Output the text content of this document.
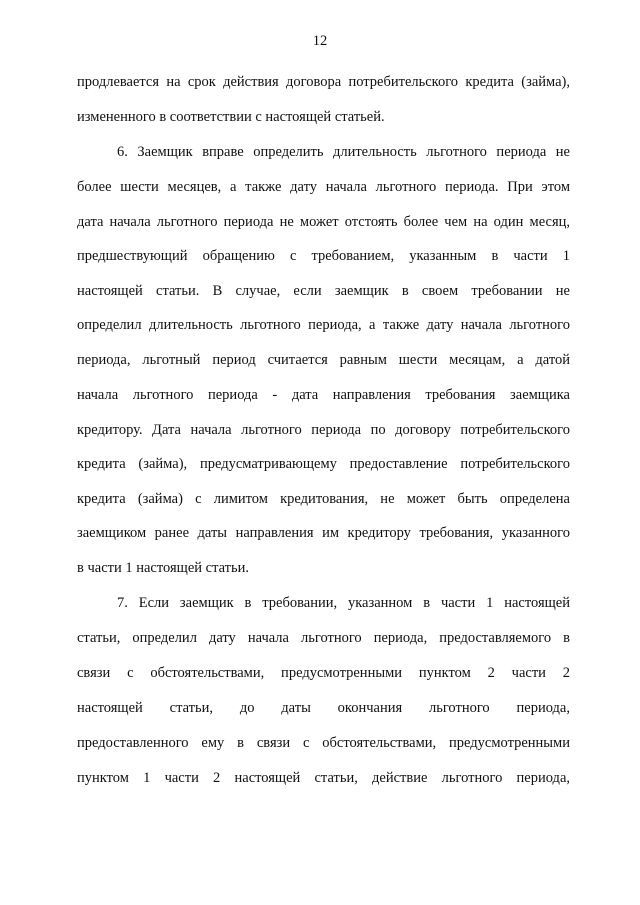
12
продлевается на срок действия договора потребительского кредита (займа),
измененного в соответствии с настоящей статьей.
6. Заемщик вправе определить длительность льготного периода не
более шести месяцев, а также дату начала льготного периода. При этом
дата начала льготного периода не может отстоять более чем на один месяц,
предшествующий обращению с требованием, указанным в части 1
настоящей статьи. В случае, если заемщик в своем требовании не
определил длительность льготного периода, а также дату начала льготного
периода, льготный период считается равным шести месяцам, а датой
начала льготного периода - дата направления требования заемщика
кредитору. Дата начала льготного периода по договору потребительского
кредита (займа), предусматривающему предоставление потребительского
кредита (займа) с лимитом кредитования, не может быть определена
заемщиком ранее даты направления им кредитору требования, указанного
в части 1 настоящей статьи.
7. Если заемщик в требовании, указанном в части 1 настоящей
статьи, определил дату начала льготного периода, предоставляемого в
связи с обстоятельствами, предусмотренными пунктом 2 части 2
настоящей статьи, до даты окончания льготного периода,
предоставленного ему в связи с обстоятельствами, предусмотренными
пунктом 1 части 2 настоящей статьи, действие льготного периода,
